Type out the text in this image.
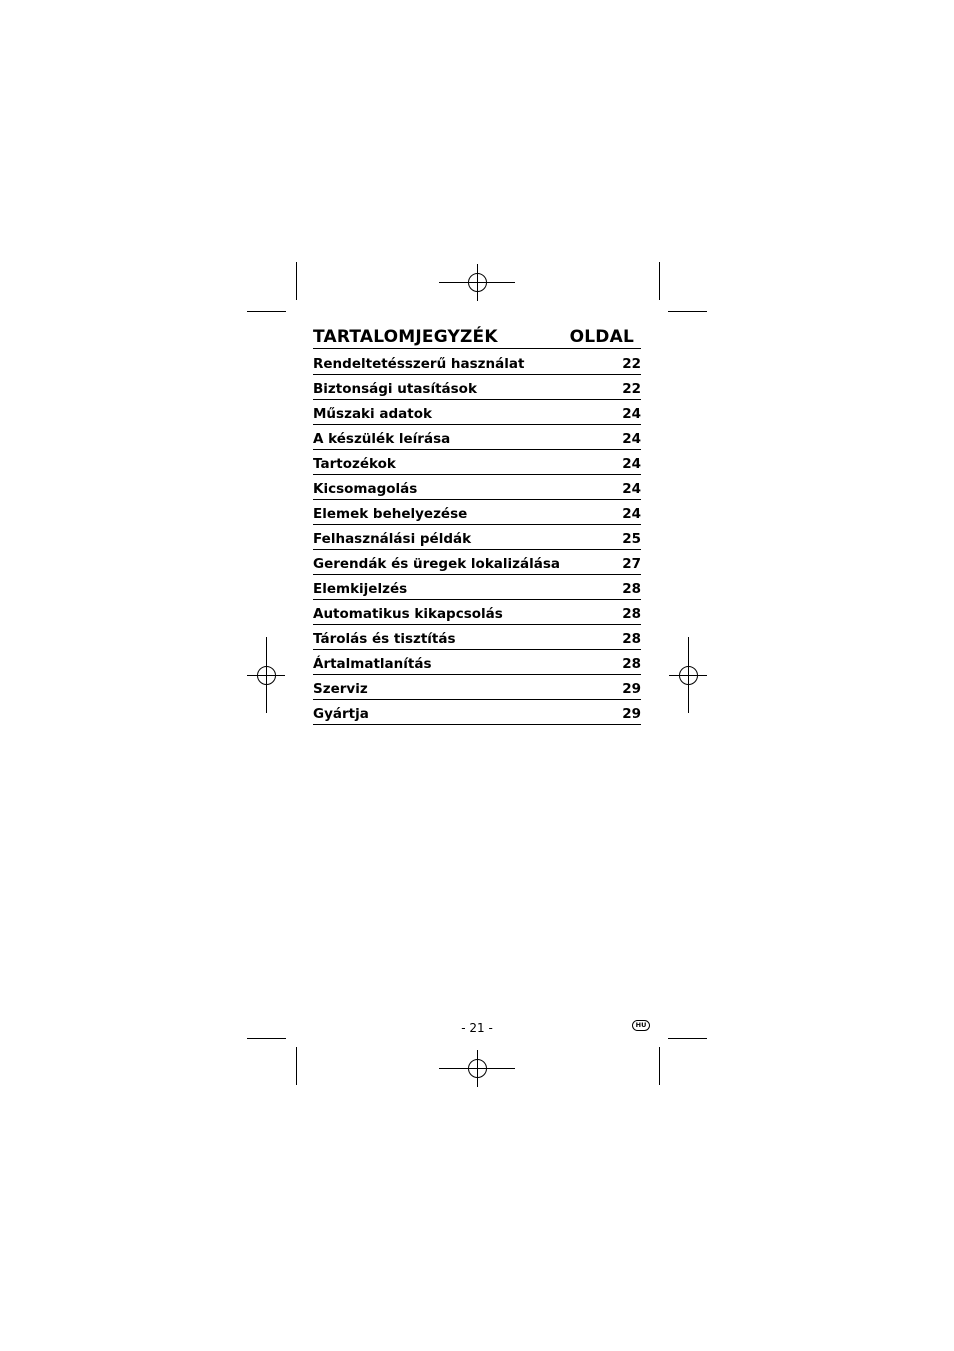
TARTALOMJEGYZÉK	OLDAL
Rendeltetésszerű használat	22
Biztonsági utasítások	22
Műszaki adatok	24
A készülék leírása	24
Tartozékok	24
Kicsomagolás	24
Elemek behelyezése	24
Felhasználási példák	25
Gerendák és üregek lokalizálása	27
Elemkijelzés	28
Automatikus kikapcsolás	28
Tárolás és tisztítás	28
Ártalmatlanítás	28
Szerviz	29
Gyártja	29
- 21 -	HU
